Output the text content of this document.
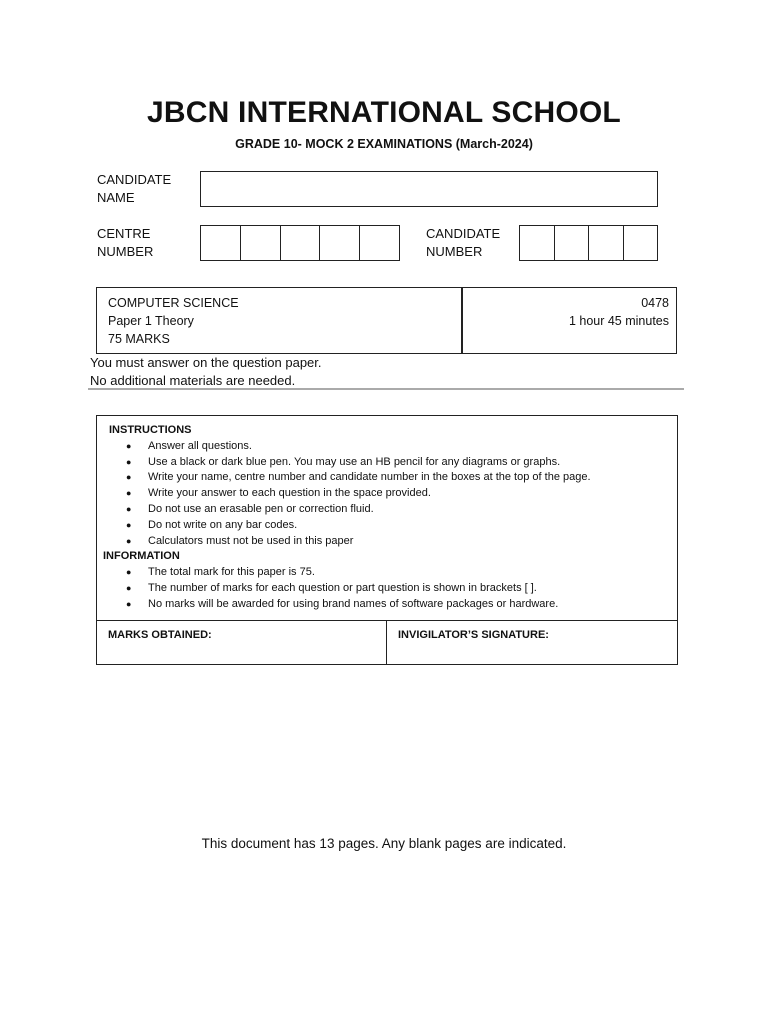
JBCN INTERNATIONAL SCHOOL
GRADE 10- MOCK 2 EXAMINATIONS (March-2024)
CANDIDATE
NAME
CENTRE
NUMBER
CANDIDATE
NUMBER
COMPUTER SCIENCE
Paper 1 Theory
75 MARKS
0478
1 hour 45 minutes
You must answer on the question paper.
No additional materials are needed.
INSTRUCTIONS
● Answer all questions.
● Use a black or dark blue pen. You may use an HB pencil for any diagrams or graphs.
● Write your name, centre number and candidate number in the boxes at the top of the page.
● Write your answer to each question in the space provided.
● Do not use an erasable pen or correction fluid.
● Do not write on any bar codes.
● Calculators must not be used in this paper
INFORMATION
● The total mark for this paper is 75.
● The number of marks for each question or part question is shown in brackets [ ].
● No marks will be awarded for using brand names of software packages or hardware.
MARKS OBTAINED:	INVIGILATOR’S SIGNATURE:
This document has 13 pages. Any blank pages are indicated.
